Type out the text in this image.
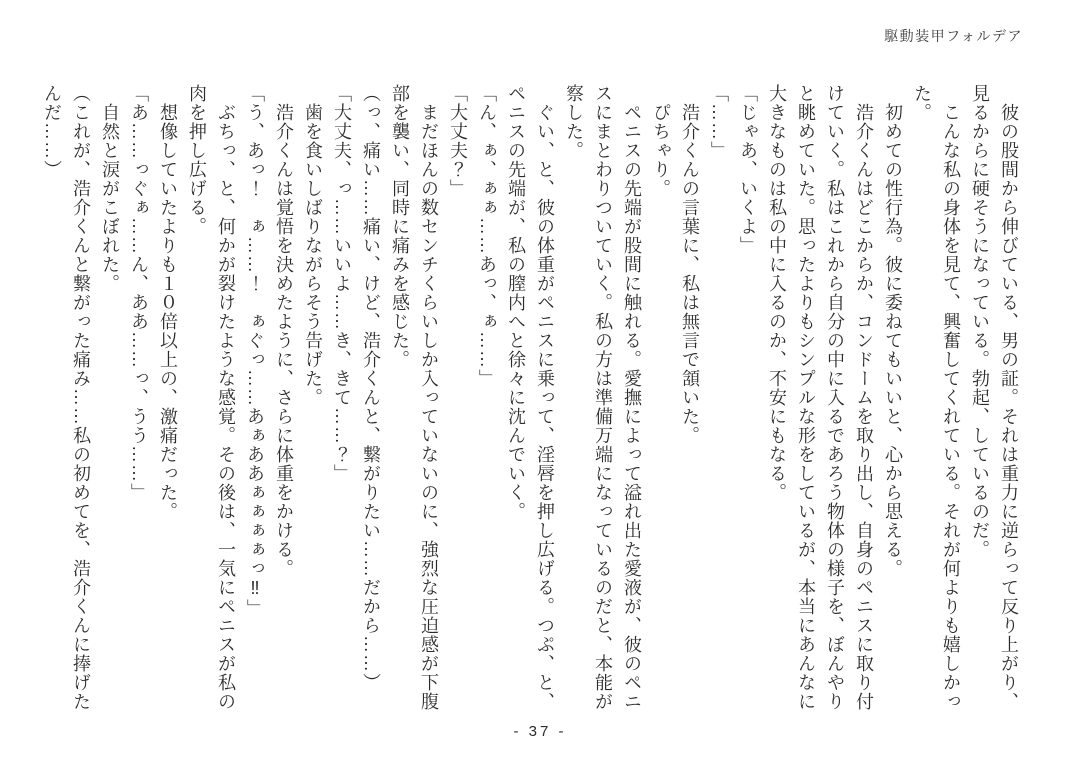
駆動装甲フォルデア
　彼の股間から伸びている、男の証。それは重力に逆らって反り上がり、
見るからに硬そうになっている。勃起、しているのだ。
　こんな私の身体を見て、興奮してくれている。それが何よりも嬉しかっ
た。
　初めての性行為。彼に委ねてもいいと、心から思える。
　浩介くんはどこからか、コンドームを取り出し、自身のペニスに取り付
けていく。私はこれから自分の中に入るであろう物体の様子を、ぼんやり
と眺めていた。思ったよりもシンプルな形をしているが、本当にあんなに
大きなものは私の中に入るのか、不安にもなる。
「じゃあ、いくよ」
「……」
　浩介くんの言葉に、私は無言で頷いた。
　ぴちゃり。
　ペニスの先端が股間に触れる。愛撫によって溢れ出た愛液が、彼のペニ
スにまとわりついていく。私の方は準備万端になっているのだと、本能が
察した。
　ぐい、と、彼の体重がペニスに乗って、淫唇を押し広げる。つぷ、と、
ペニスの先端が、私の膣内へと徐々に沈んでいく。
「ん、ぁ、ぁぁ……あっ、ぁ……」
「大丈夫？」
　まだほんの数センチくらいしか入っていないのに、強烈な圧迫感が下腹
部を襲い、同時に痛みを感じた。
（っ、痛い……痛い、けど、浩介くんと、繋がりたい……だから……）
「大丈夫、っ……いいよ……き、きて……？」
　歯を食いしばりながらそう告げた。
　浩介くんは覚悟を決めたように、さらに体重をかける。
「う、あっ！　ぁ……！　ぁぐっ……あぁああぁぁぁぁっ‼」
　ぶちっ、と、何かが裂けたような感覚。その後は、一気にペニスが私の
肉を押し広げる。
　想像していたよりも１０倍以上の、激痛だった。
「あ……っぐぁ……ん、ああ……っ、うう……」
　自然と涙がこぼれた。
（これが、浩介くんと繋がった痛み……私の初めてを、浩介くんに捧げた
んだ……）
- 37 -
